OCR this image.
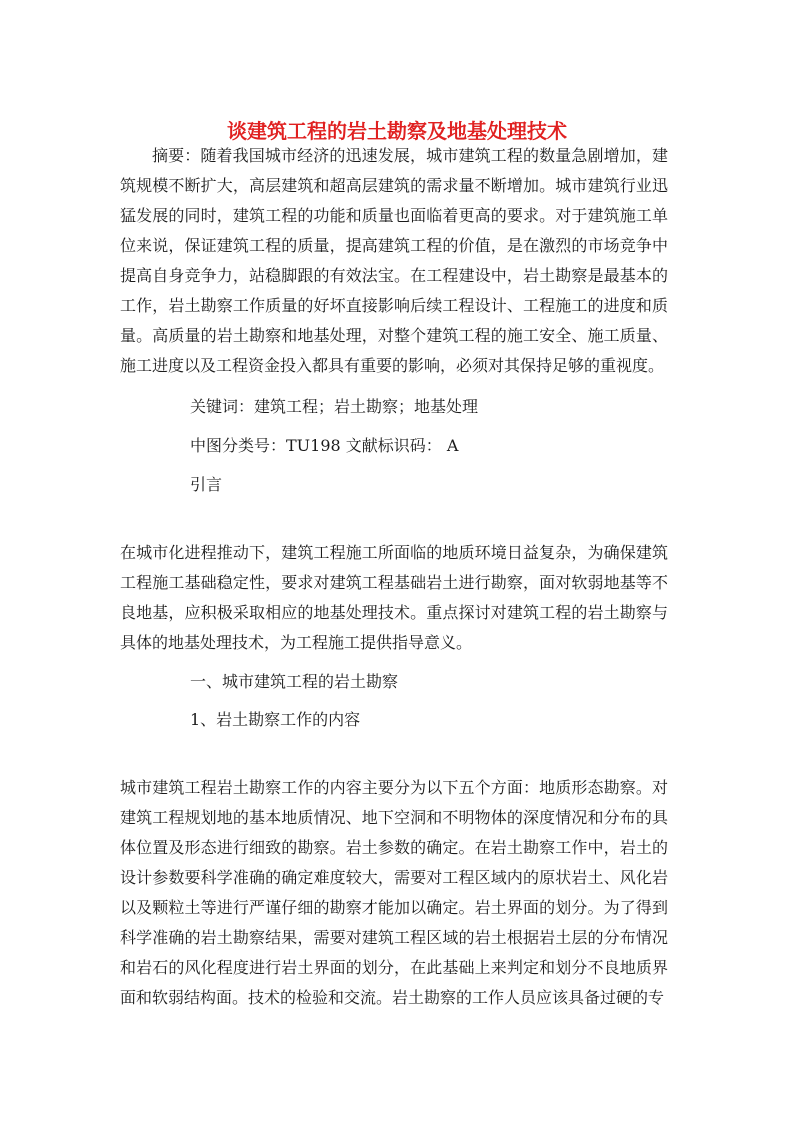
谈建筑工程的岩土勘察及地基处理技术

摘要：随着我国城市经济的迅速发展，城市建筑工程的数量急剧增加，建筑规模不断扩大，高层建筑和超高层建筑的需求量不断增加。城市建筑行业迅猛发展的同时，建筑工程的功能和质量也面临着更高的要求。对于建筑施工单位来说，保证建筑工程的质量，提高建筑工程的价值，是在激烈的市场竞争中提高自身竞争力，站稳脚跟的有效法宝。在工程建设中，岩土勘察是最基本的工作，岩土勘察工作质量的好坏直接影响后续工程设计、工程施工的进度和质量。高质量的岩土勘察和地基处理，对整个建筑工程的施工安全、施工质量、施工进度以及工程资金投入都具有重要的影响，必须对其保持足够的重视度。

关键词：建筑工程；岩土勘察；地基处理

中图分类号：TU198 文献标识码： A

引言

在城市化进程推动下，建筑工程施工所面临的地质环境日益复杂，为确保建筑工程施工基础稳定性，要求对建筑工程基础岩土进行勘察，面对软弱地基等不良地基，应积极采取相应的地基处理技术。重点探讨对建筑工程的岩土勘察与具体的地基处理技术，为工程施工提供指导意义。

一、城市建筑工程的岩土勘察

1、岩土勘察工作的内容

城市建筑工程岩土勘察工作的内容主要分为以下五个方面：地质形态勘察。对建筑工程规划地的基本地质情况、地下空洞和不明物体的深度情况和分布的具体位置及形态进行细致的勘察。岩土参数的确定。在岩土勘察工作中，岩土的设计参数要科学准确的确定难度较大，需要对工程区域内的原状岩土、风化岩以及颗粒土等进行严谨仔细的勘察才能加以确定。岩土界面的划分。为了得到科学准确的岩土勘察结果，需要对建筑工程区域的岩土根据岩土层的分布情况和岩石的风化程度进行岩土界面的划分，在此基础上来判定和划分不良地质界面和软弱结构面。技术的检验和交流。岩土勘察的工作人员应该具备过硬的专
